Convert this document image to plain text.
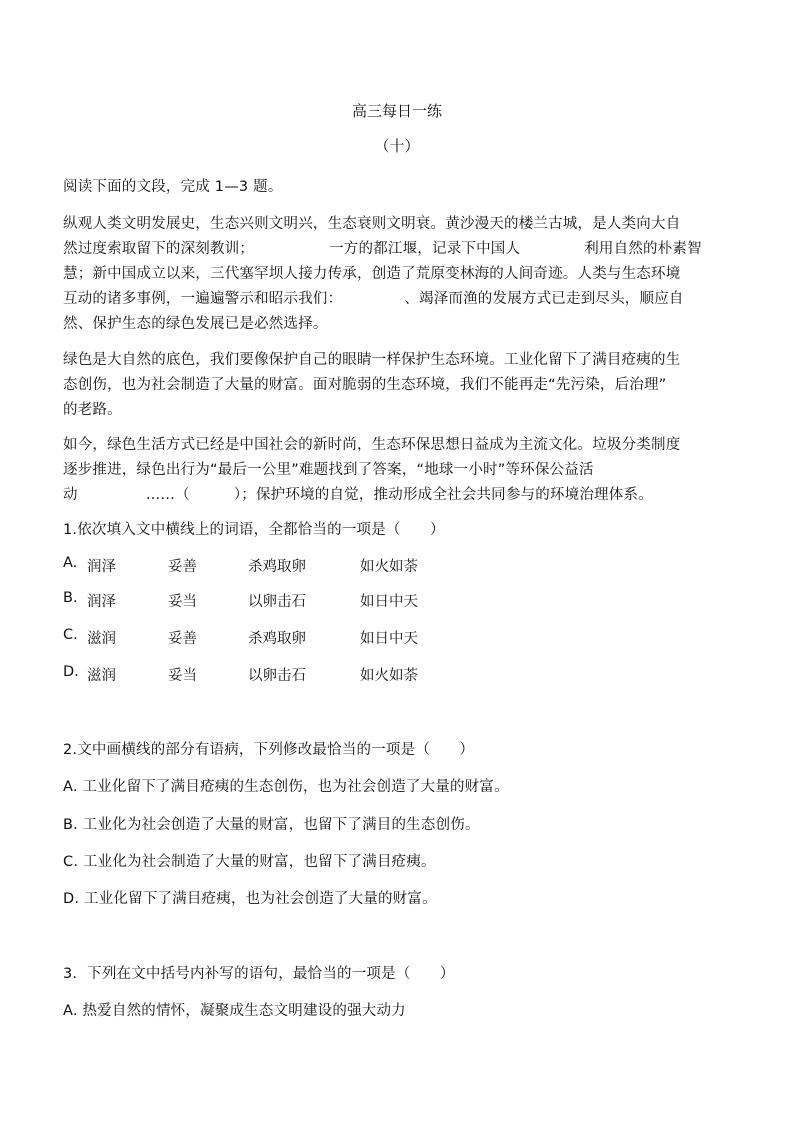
高三每日一练
（十）
阅读下面的文段，完成 1—3 题。
纵观人类文明发展史，生态兴则文明兴，生态衰则文明衰。黄沙漫天的楼兰古城，是人类向大自
然过度索取留下的深刻教训；	一方的都江堰，记录下中国人	利用自然的朴素智
慧；新中国成立以来，三代塞罕坝人接力传承，创造了荒原变林海的人间奇迹。人类与生态环境
互动的诸多事例，一遍遍警示和昭示我们：	、竭泽而渔的发展方式已走到尽头，顺应自
然、保护生态的绿色发展已是必然选择。
绿色是大自然的底色，我们要像保护自己的眼睛一样保护生态环境。工业化留下了满目疮痍的生
态创伤，也为社会制造了大量的财富。面对脆弱的生态环境，我们不能再走“先污染，后治理”
的老路。
如今，绿色生活方式已经是中国社会的新时尚，生态环保思想日益成为主流文化。垃圾分类制度
逐步推进，绿色出行为“最后一公里”难题找到了答案，“地球一小时”等环保公益活
动	……（	）；保护环境的自觉，推动形成全社会共同参与的环境治理体系。
1.依次填入文中横线上的词语，全都恰当的一项是（　　）
A. 润泽	妥善	杀鸡取卵	如火如荼
B. 润泽	妥当	以卵击石	如日中天
C. 滋润	妥善	杀鸡取卵	如日中天
D. 滋润	妥当	以卵击石	如火如荼
2.文中画横线的部分有语病，下列修改最恰当的一项是（　　）
A. 工业化留下了满目疮痍的生态创伤，也为社会创造了大量的财富。
B. 工业化为社会创造了大量的财富，也留下了满目的生态创伤。
C. 工业化为社会制造了大量的财富，也留下了满目疮痍。
D. 工业化留下了满目疮痍，也为社会创造了大量的财富。
3．下列在文中括号内补写的语句，最恰当的一项是（　　）
A. 热爱自然的情怀，凝聚成生态文明建设的强大动力
